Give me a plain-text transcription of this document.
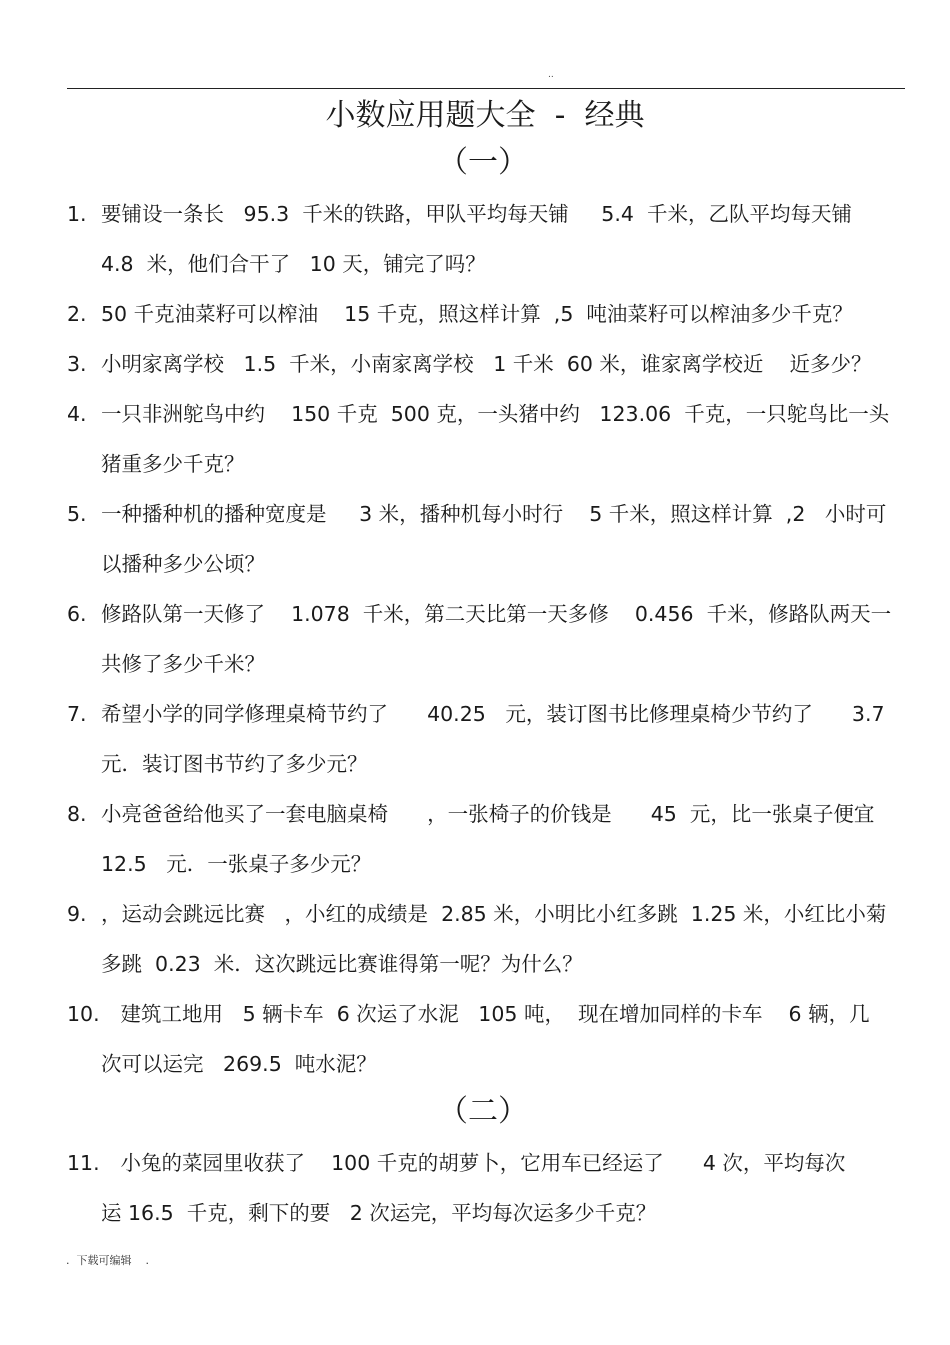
..
小数应用题大全  -  经典
（一）
1. 要铺设一条长   95.3  千米的铁路，甲队平均每天铺     5.4  千米，乙队平均每天铺
4.8  米，他们合干了   10 天，铺完了吗？
2. 50 千克油菜籽可以榨油    15 千克，照这样计算  ,5  吨油菜籽可以榨油多少千克？
3. 小明家离学校   1.5  千米，小南家离学校   1 千米  60 米，谁家离学校近    近多少？
4. 一只非洲鸵鸟中约    150 千克  500 克，一头猪中约   123.06  千克，一只鸵鸟比一头
猪重多少千克？
5. 一种播种机的播种宽度是     3 米，播种机每小时行    5 千米，照这样计算  ,2   小时可
以播种多少公顷？
6. 修路队第一天修了    1.078  千米，第二天比第一天多修    0.456  千米，修路队两天一
共修了多少千米？
7. 希望小学的同学修理桌椅节约了      40.25   元，装订图书比修理桌椅少节约了      3.7
元．装订图书节约了多少元？
8. 小亮爸爸给他买了一套电脑桌椅      ，一张椅子的价钱是      45  元，比一张桌子便宜
12.5   元．一张桌子多少元？
9. ，运动会跳远比赛   ，小红的成绩是  2.85 米，小明比小红多跳  1.25 米，小红比小菊
多跳  0.23  米．这次跳远比赛谁得第一呢？为什么？
10. 建筑工地用   5 辆卡车  6 次运了水泥   105 吨，  现在增加同样的卡车    6 辆，几
次可以运完   269.5  吨水泥？
（二）
11. 小兔的菜园里收获了    100 千克的胡萝卜，它用车已经运了      4 次，平均每次
运 16.5  千克，剩下的要   2 次运完，平均每次运多少千克？
.  下载可编辑    .
